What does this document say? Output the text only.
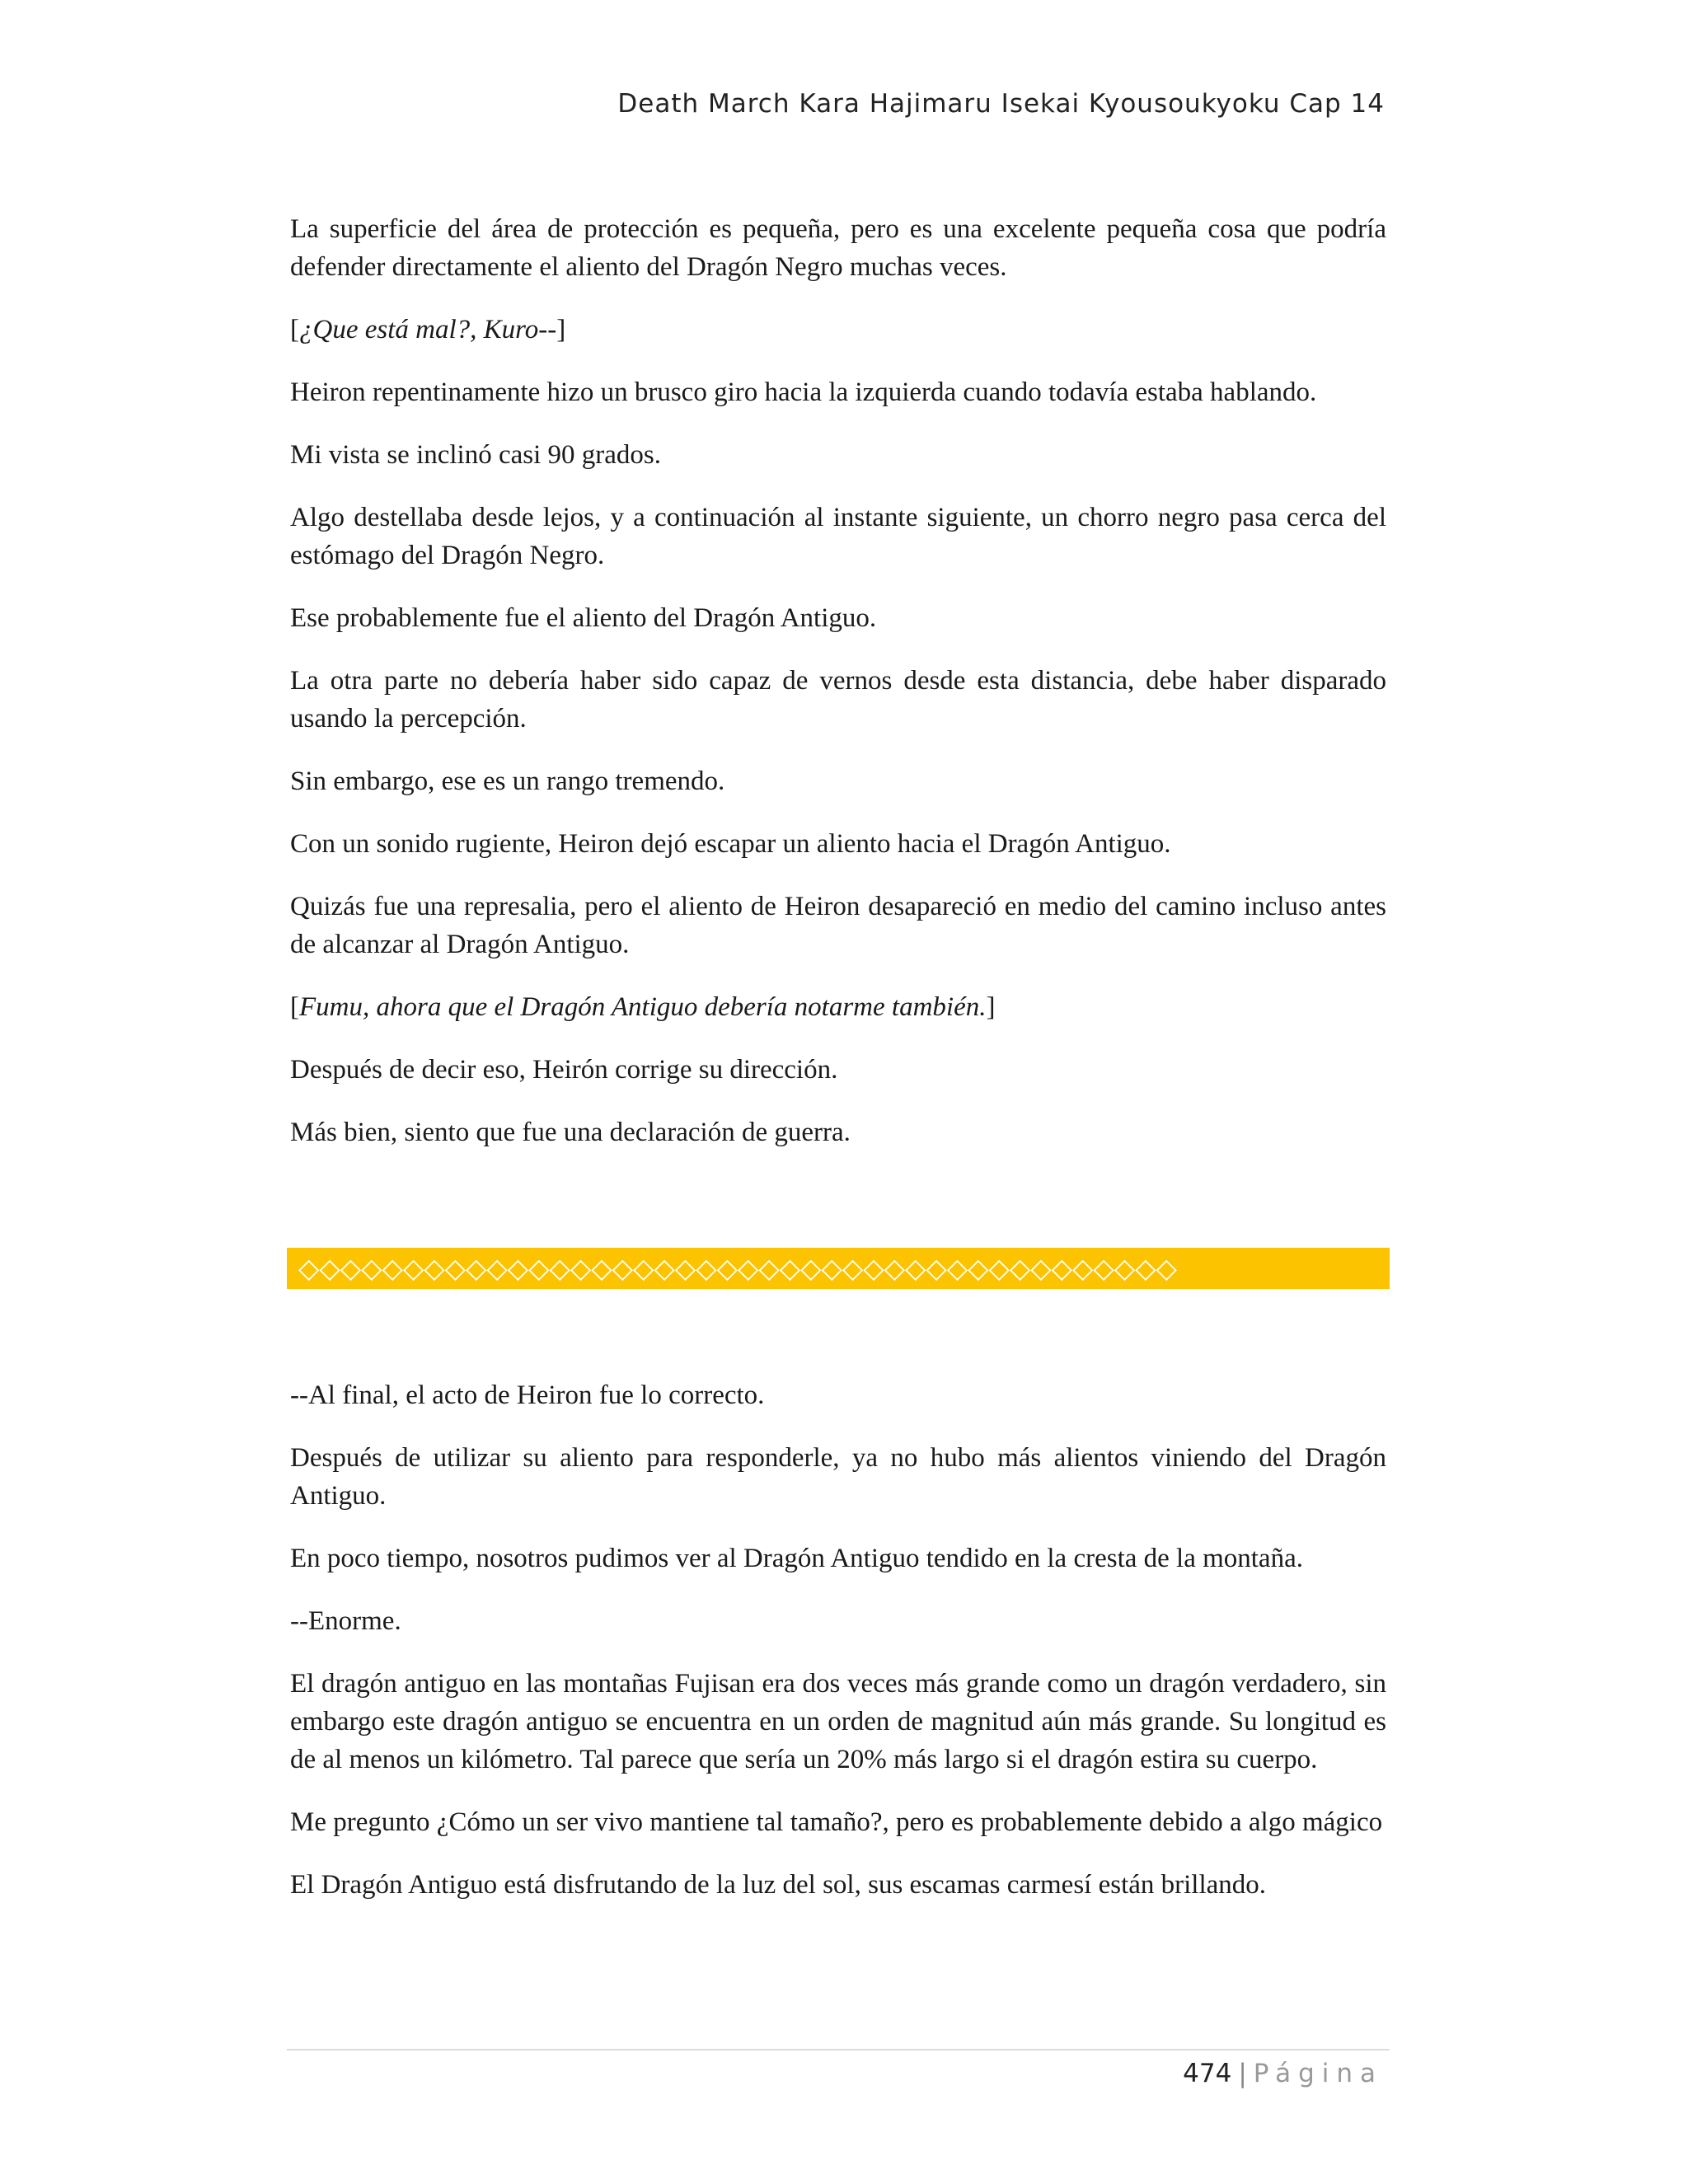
Death March Kara Hajimaru Isekai Kyousoukyoku Cap 14

La superficie del área de protección es pequeña, pero es una excelente pequeña cosa que podría defender directamente el aliento del Dragón Negro muchas veces.

[¿Que está mal?, Kuro--]

Heiron repentinamente hizo un brusco giro hacia la izquierda cuando todavía estaba hablando.

Mi vista se inclinó casi 90 grados.

Algo destellaba desde lejos, y a continuación al instante siguiente, un chorro negro pasa cerca del estómago del Dragón Negro.

Ese probablemente fue el aliento del Dragón Antiguo.

La otra parte no debería haber sido capaz de vernos desde esta distancia, debe haber disparado usando la percepción.

Sin embargo, ese es un rango tremendo.

Con un sonido rugiente, Heiron dejó escapar un aliento hacia el Dragón Antiguo.

Quizás fue una represalia, pero el aliento de Heiron desapareció en medio del camino incluso antes de alcanzar al Dragón Antiguo.

[Fumu, ahora que el Dragón Antiguo debería notarme también.]

Después de decir eso, Heirón corrige su dirección.

Más bien, siento que fue una declaración de guerra.

◇◇◇◇◇◇◇◇◇◇◇◇◇◇◇◇◇◇◇◇◇◇◇◇◇◇◇◇◇◇◇◇◇◇◇◇◇◇◇◇◇◇

--Al final, el acto de Heiron fue lo correcto.

Después de utilizar su aliento para responderle, ya no hubo más alientos viniendo del Dragón Antiguo.

En poco tiempo, nosotros pudimos ver al Dragón Antiguo tendido en la cresta de la montaña.

--Enorme.

El dragón antiguo en las montañas Fujisan era dos veces más grande como un dragón verdadero, sin embargo este dragón antiguo se encuentra en un orden de magnitud aún más grande. Su longitud es de al menos un kilómetro. Tal parece que sería un 20% más largo si el dragón estira su cuerpo.

Me pregunto ¿Cómo un ser vivo mantiene tal tamaño?, pero es probablemente debido a algo mágico

El Dragón Antiguo está disfrutando de la luz del sol, sus escamas carmesí están brillando.

474 | Página
